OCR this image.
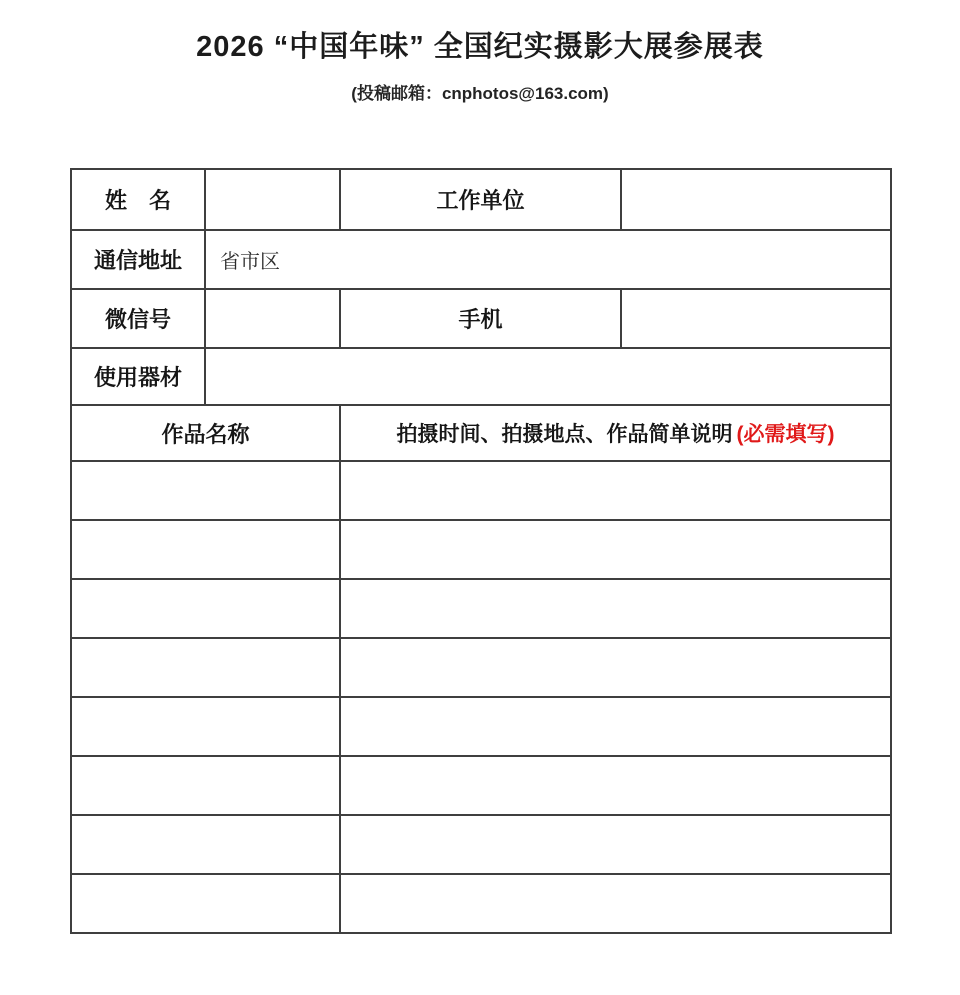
2026 “中国年味” 全国纪实摄影大展参展表
(投稿邮箱：cnphotos@163.com)
姓　名		工作单位	
通信地址	省市区		
微信号		手机	
使用器材			
作品名称		拍摄时间、拍摄地点、作品简单说明 (必需填写)	
